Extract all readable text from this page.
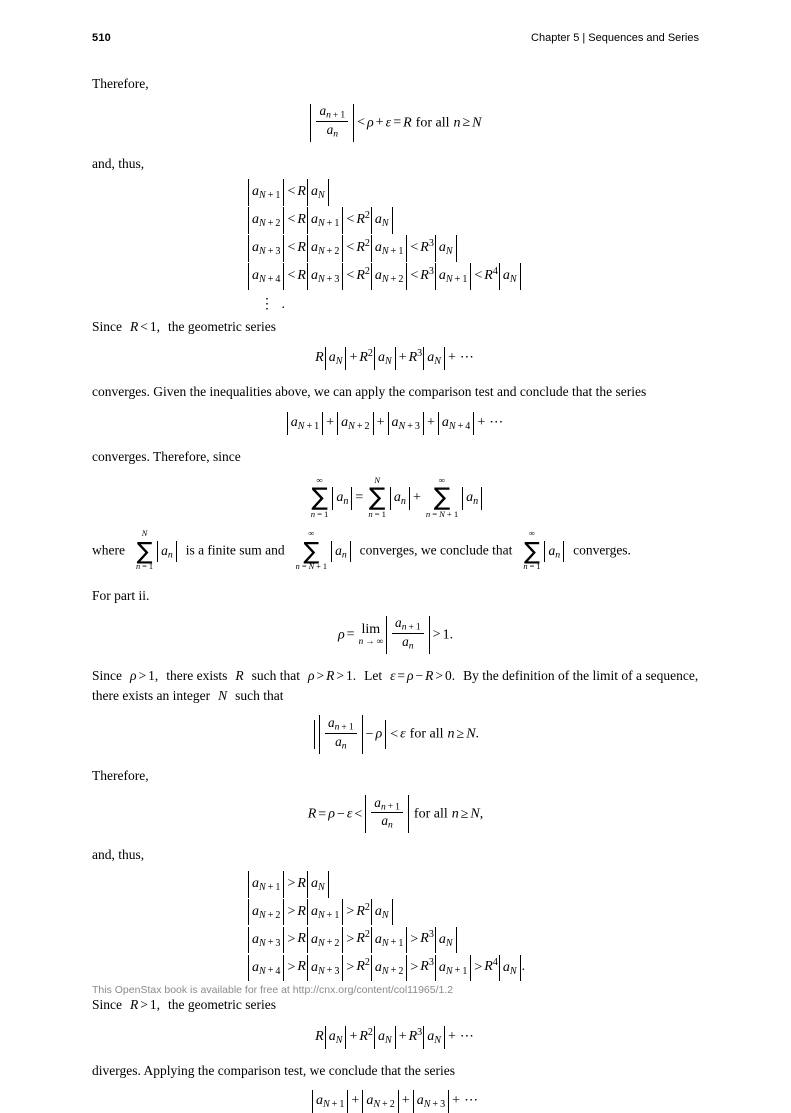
510	Chapter 5 | Sequences and Series

Therefore,

$\frac{a_{n + 1}}{a_n} < \rho + \varepsilon = R$ for all n ≥ N

and, thus,

$a_{N + 1} < R$ $a_N$
$a_{N + 2} < R$ $a_{N + 1} < R^2$ $a_N$
$a_{N + 3} < R$ $a_{N + 2} < R^2$ $a_{N + 1} < R^3$ $a_N$
$a_{N + 4} < R$ $a_{N + 3} < R^2$ $a_{N + 2} < R^3$ $a_{N + 1} < R^4$ $a_N$
⋮ .

Since R < 1, the geometric series

R $a_N + R^2$ $a_N + R^3$ $a_N$ + ⋯

converges. Given the inequalities above, we can apply the comparison test and conclude that the series

$a_{N + 1} + a_{N + 2} + a_{N + 3} + a_{N + 4}$ + ⋯

converges. Therefore, since

∞
∑
n = 1
$a_n$ =
N
∑
n = 1
$a_n$ +
∞
∑
n = N + 1
$a_n$

where
N
∑
n = 1
$a_n$ is a finite sum and
∞
∑
n = N + 1
$a_n$ converges, we conclude that
∞
∑
n = 1
$a_n$ converges.

For part ii.

ρ = lim
n → ∞ $\frac{a_{n + 1}}{a_n} > 1$.

Since ρ > 1, there exists R such that ρ > R > 1. Let ε = ρ − R > 0. By the definition of the limit of a sequence, there exists an integer N such that

$\frac{a_{n + 1}}{a_n} - \rho < \varepsilon$ for all n ≥ N.

Therefore,

$R = \rho - \varepsilon < \frac{a_{n + 1}}{a_n}$ for all n ≥ N,

and, thus,

$a_{N + 1} > R$ $a_N$
$a_{N + 2} > R$ $a_{N + 1} > R^2$ $a_N$
$a_{N + 3} > R$ $a_{N + 2} > R^2$ $a_{N + 1} > R^3$ $a_N$
$a_{N + 4} > R$ $a_{N + 3} > R^2$ $a_{N + 2} > R^3$ $a_{N + 1} > R^4$ $a_N$ .

Since R > 1, the geometric series

R $a_N + R^2$ $a_N + R^3$ $a_N$ + ⋯

diverges. Applying the comparison test, we conclude that the series

$a_{N + 1} + a_{N + 2} + a_{N + 3}$ + ⋯
This OpenStax book is available for free at http://cnx.org/content/col11965/1.2
